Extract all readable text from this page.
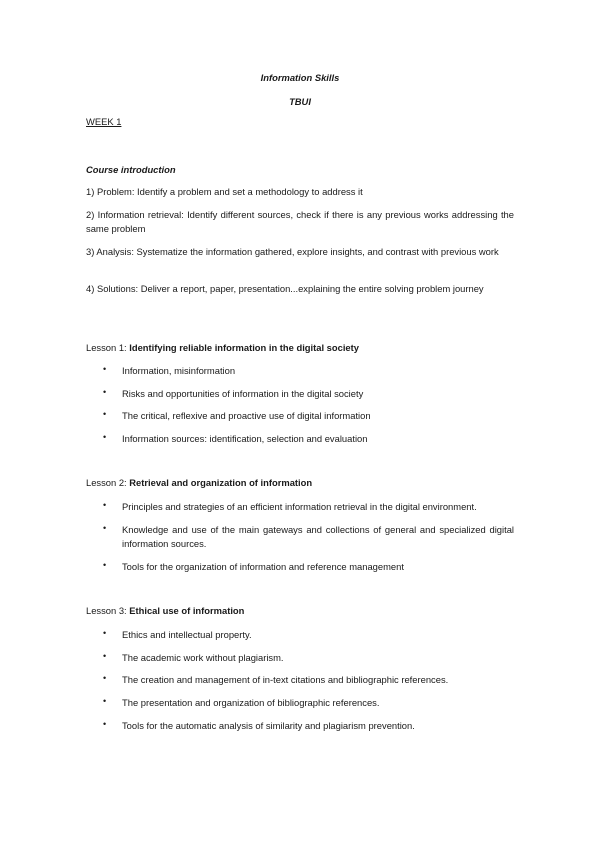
Information Skills
TBUI
WEEK 1
Course introduction
1) Problem: Identify a problem and set a methodology to address it
2) Information retrieval: Identify different sources, check if there is any previous works addressing the same problem
3) Analysis: Systematize the information gathered, explore insights, and contrast with previous work
4) Solutions: Deliver a report, paper, presentation...explaining the entire solving problem journey
Lesson 1: Identifying reliable information in the digital society
• Information, misinformation
• Risks and opportunities of information in the digital society
• The critical, reflexive and proactive use of digital information
• Information sources: identification, selection and evaluation
Lesson 2: Retrieval and organization of information
• Principles and strategies of an efficient information retrieval in the digital environment.
• Knowledge and use of the main gateways and collections of general and specialized digital information sources.
• Tools for the organization of information and reference management
Lesson 3: Ethical use of information
• Ethics and intellectual property.
• The academic work without plagiarism.
• The creation and management of in-text citations and bibliographic references.
• The presentation and organization of bibliographic references.
• Tools for the automatic analysis of similarity and plagiarism prevention.
